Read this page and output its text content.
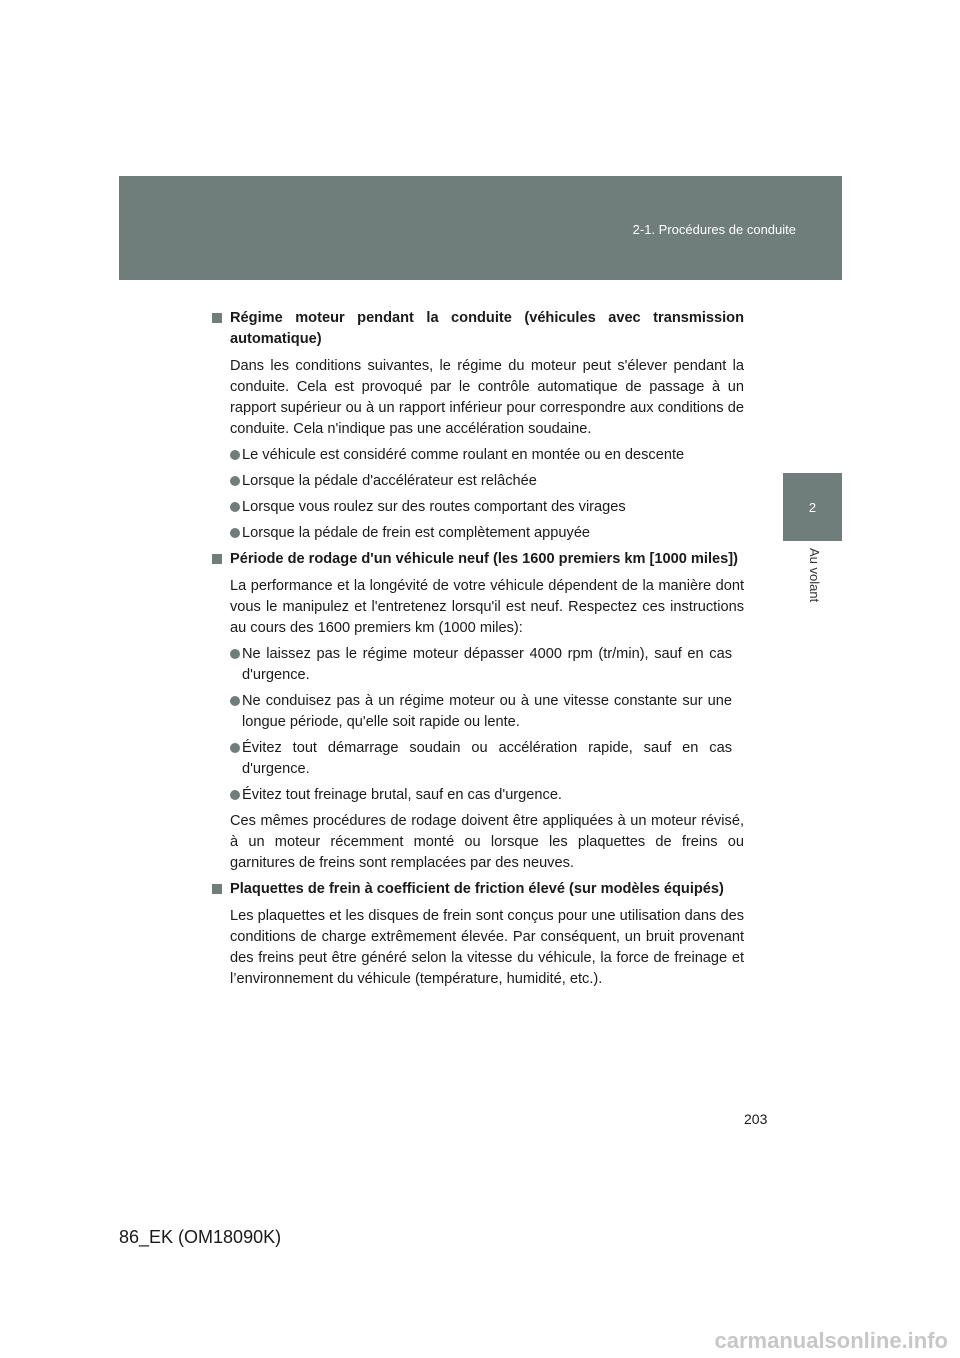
2-1. Procédures de conduite
2
Au volant
Régime moteur pendant la conduite (véhicules avec transmission automatique)

Dans les conditions suivantes, le régime du moteur peut s'élever pendant la conduite. Cela est provoqué par le contrôle automatique de passage à un rapport supérieur ou à un rapport inférieur pour correspondre aux conditions de conduite. Cela n'indique pas une accélération soudaine.

Le véhicule est considéré comme roulant en montée ou en descente
Lorsque la pédale d'accélérateur est relâchée
Lorsque vous roulez sur des routes comportant des virages
Lorsque la pédale de frein est complètement appuyée
Période de rodage d'un véhicule neuf (les 1600 premiers km [1000 miles])

La performance et la longévité de votre véhicule dépendent de la manière dont vous le manipulez et l'entretenez lorsqu'il est neuf. Respectez ces instructions au cours des 1600 premiers km (1000 miles):

Ne laissez pas le régime moteur dépasser 4000 rpm (tr/min), sauf en cas d'urgence.
Ne conduisez pas à un régime moteur ou à une vitesse constante sur une longue période, qu'elle soit rapide ou lente.
Évitez tout démarrage soudain ou accélération rapide, sauf en cas d'urgence.
Évitez tout freinage brutal, sauf en cas d'urgence.

Ces mêmes procédures de rodage doivent être appliquées à un moteur révisé, à un moteur récemment monté ou lorsque les plaquettes de freins ou garnitures de freins sont remplacées par des neuves.

Plaquettes de frein à coefficient de friction élevé (sur modèles équipés)

Les plaquettes et les disques de frein sont conçus pour une utilisation dans des conditions de charge extrêmement élevée. Par conséquent, un bruit provenant des freins peut être généré selon la vitesse du véhicule, la force de freinage et l’environnement du véhicule (température, humidité, etc.).

203
86_EK (OM18090K)
carmanualsonline.info
